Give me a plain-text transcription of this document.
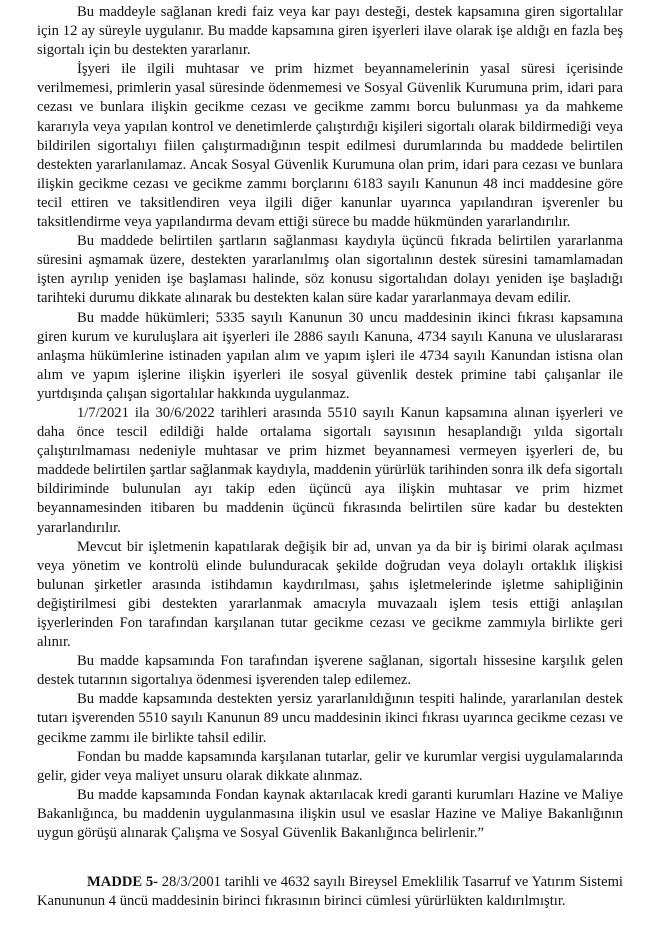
Bu maddeyle sağlanan kredi faiz veya kar payı desteği, destek kapsamına giren sigortalılar için 12 ay süreyle uygulanır. Bu madde kapsamına giren işyerleri ilave olarak işe aldığı en fazla beş sigortalı için bu destekten yararlanır.

İşyeri ile ilgili muhtasar ve prim hizmet beyannamelerinin yasal süresi içerisinde verilmemesi, primlerin yasal süresinde ödenmemesi ve Sosyal Güvenlik Kurumuna prim, idari para cezası ve bunlara ilişkin gecikme cezası ve gecikme zammı borcu bulunması ya da mahkeme kararıyla veya yapılan kontrol ve denetimlerde çalıştırdığı kişileri sigortalı olarak bildirmediği veya bildirilen sigortalıyı fiilen çalıştırmadığının tespit edilmesi durumlarında bu maddede belirtilen destekten yararlanılamaz. Ancak Sosyal Güvenlik Kurumuna olan prim, idari para cezası ve bunlara ilişkin gecikme cezası ve gecikme zammı borçlarını 6183 sayılı Kanunun 48 inci maddesine göre tecil ettiren ve taksitlendiren veya ilgili diğer kanunlar uyarınca yapılandıran işverenler bu taksitlendirme veya yapılandırma devam ettiği sürece bu madde hükmünden yararlandırılır.

Bu maddede belirtilen şartların sağlanması kaydıyla üçüncü fıkrada belirtilen yararlanma süresini aşmamak üzere, destekten yararlanılmış olan sigortalının destek süresini tamamlamadan işten ayrılıp yeniden işe başlaması halinde, söz konusu sigortalıdan dolayı yeniden işe başladığı tarihteki durumu dikkate alınarak bu destekten kalan süre kadar yararlanmaya devam edilir.

Bu madde hükümleri; 5335 sayılı Kanunun 30 uncu maddesinin ikinci fıkrası kapsamına giren kurum ve kuruluşlara ait işyerleri ile 2886 sayılı Kanuna, 4734 sayılı Kanuna ve uluslararası anlaşma hükümlerine istinaden yapılan alım ve yapım işleri ile 4734 sayılı Kanundan istisna olan alım ve yapım işlerine ilişkin işyerleri ile sosyal güvenlik destek primine tabi çalışanlar ile yurtdışında çalışan sigortalılar hakkında uygulanmaz.

1/7/2021 ila 30/6/2022 tarihleri arasında 5510 sayılı Kanun kapsamına alınan işyerleri ve daha önce tescil edildiği halde ortalama sigortalı sayısının hesaplandığı yılda sigortalı çalıştırılmaması nedeniyle muhtasar ve prim hizmet beyannamesi vermeyen işyerleri de, bu maddede belirtilen şartlar sağlanmak kaydıyla, maddenin yürürlük tarihinden sonra ilk defa sigortalı bildiriminde bulunulan ayı takip eden üçüncü aya ilişkin muhtasar ve prim hizmet beyannamesinden itibaren bu maddenin üçüncü fıkrasında belirtilen süre kadar bu destekten yararlandırılır.

Mevcut bir işletmenin kapatılarak değişik bir ad, unvan ya da bir iş birimi olarak açılması veya yönetim ve kontrolü elinde bulunduracak şekilde doğrudan veya dolaylı ortaklık ilişkisi bulunan şirketler arasında istihdamın kaydırılması, şahıs işletmelerinde işletme sahipliğinin değiştirilmesi gibi destekten yararlanmak amacıyla muvazaalı işlem tesis ettiği anlaşılan işyerlerinden Fon tarafından karşılanan tutar gecikme cezası ve gecikme zammıyla birlikte geri alınır.

Bu madde kapsamında Fon tarafından işverene sağlanan, sigortalı hissesine karşılık gelen destek tutarının sigortalıya ödenmesi işverenden talep edilemez.

Bu madde kapsamında destekten yersiz yararlanıldığının tespiti halinde, yararlanılan destek tutarı işverenden 5510 sayılı Kanunun 89 uncu maddesinin ikinci fıkrası uyarınca gecikme cezası ve gecikme zammı ile birlikte tahsil edilir.

Fondan bu madde kapsamında karşılanan tutarlar, gelir ve kurumlar vergisi uygulamalarında gelir, gider veya maliyet unsuru olarak dikkate alınmaz.

Bu madde kapsamında Fondan kaynak aktarılacak kredi garanti kurumları Hazine ve Maliye Bakanlığınca, bu maddenin uygulanmasına ilişkin usul ve esaslar Hazine ve Maliye Bakanlığının uygun görüşü alınarak Çalışma ve Sosyal Güvenlik Bakanlığınca belirlenir.”

MADDE 5- 28/3/2001 tarihli ve 4632 sayılı Bireysel Emeklilik Tasarruf ve Yatırım Sistemi Kanununun 4 üncü maddesinin birinci fıkrasının birinci cümlesi yürürlükten kaldırılmıştır.
